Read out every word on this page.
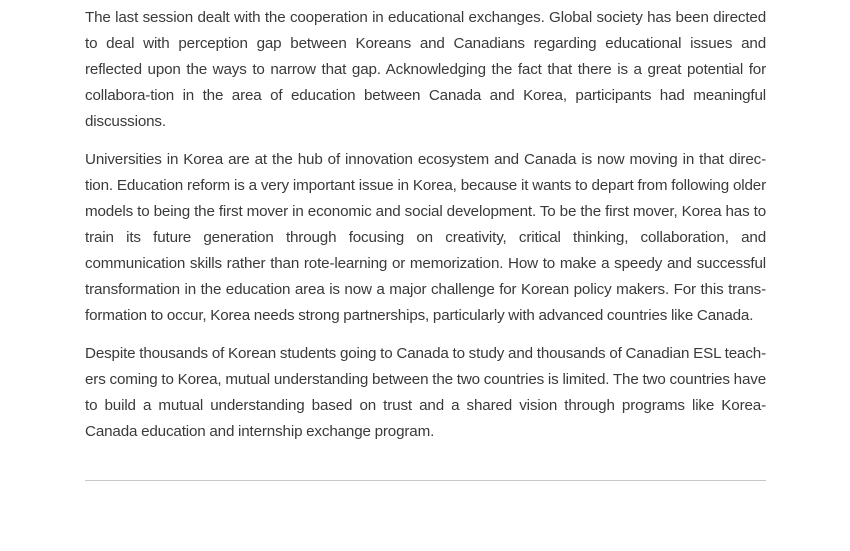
The last session dealt with the cooperation in educational exchanges. Global society has been directed to deal with perception gap between Koreans and Canadians regarding educational issues and reflected upon the ways to narrow that gap. Acknowledging the fact that there is a great potential for collabora-tion in the area of education between Canada and Korea, participants had meaningful discussions.

Universities in Korea are at the hub of innovation ecosystem and Canada is now moving in that direc-tion. Education reform is a very important issue in Korea, because it wants to depart from following older models to being the first mover in economic and social development. To be the first mover, Korea has to train its future generation through focusing on creativity, critical thinking, collaboration, and communication skills rather than rote-learning or memorization. How to make a speedy and successful transformation in the education area is now a major challenge for Korean policy makers. For this trans-formation to occur, Korea needs strong partnerships, particularly with advanced countries like Canada.

Despite thousands of Korean students going to Canada to study and thousands of Canadian ESL teach-ers coming to Korea, mutual understanding between the two countries is limited. The two countries have to build a mutual understanding based on trust and a shared vision through programs like Korea-Canada education and internship exchange program.
